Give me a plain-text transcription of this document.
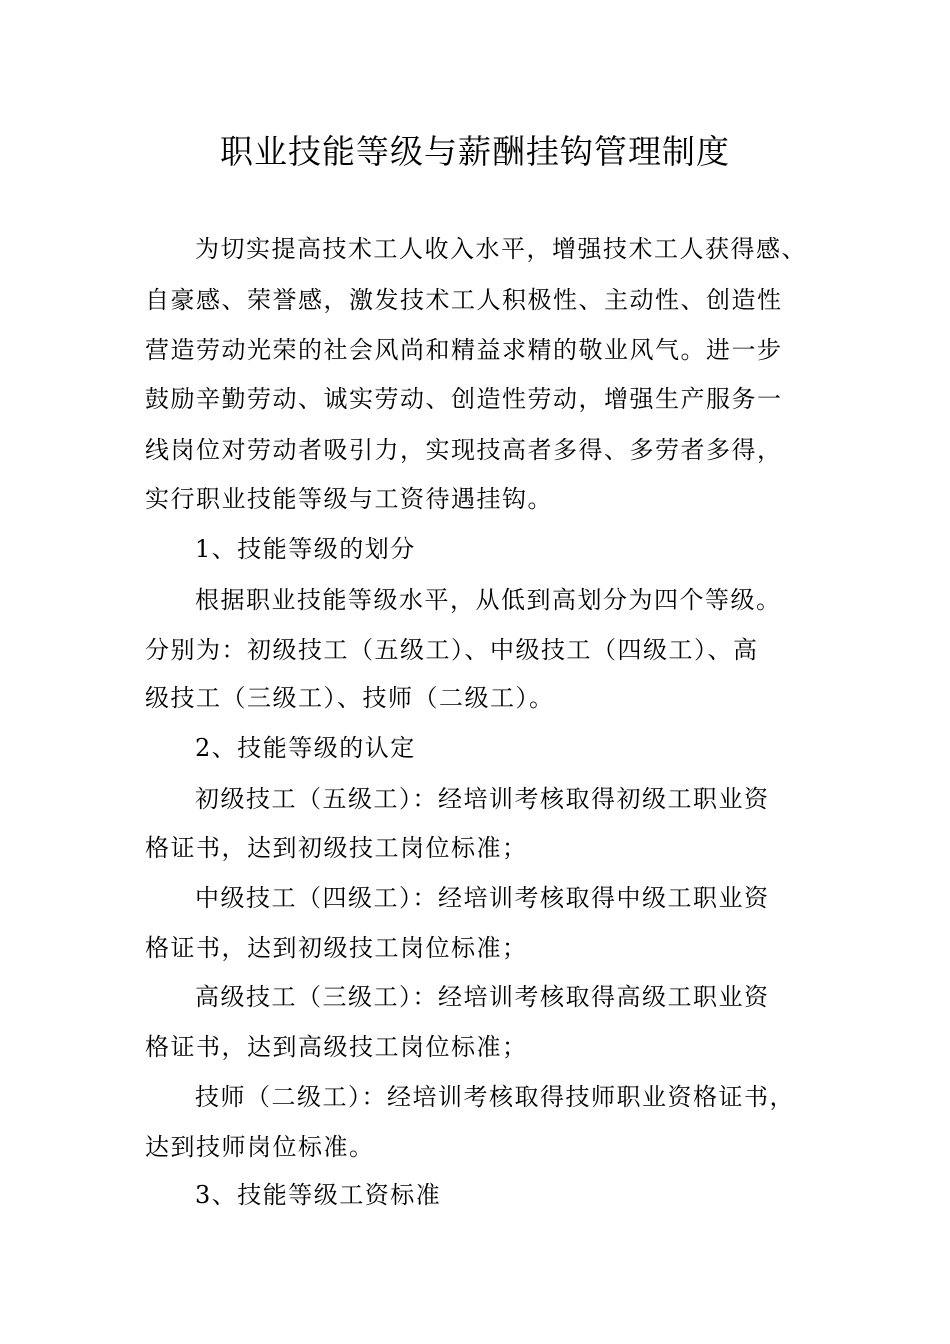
职业技能等级与薪酬挂钩管理制度
为切实提高技术工人收入水平，增强技术工人获得感、
自豪感、荣誉感，激发技术工人积极性、主动性、创造性
营造劳动光荣的社会风尚和精益求精的敬业风气。进一步
鼓励辛勤劳动、诚实劳动、创造性劳动，增强生产服务一
线岗位对劳动者吸引力，实现技高者多得、多劳者多得，
实行职业技能等级与工资待遇挂钩。
1、技能等级的划分
根据职业技能等级水平，从低到高划分为四个等级。
分别为：初级技工（五级工）、中级技工（四级工）、高
级技工（三级工）、技师（二级工）。
2、技能等级的认定
初级技工（五级工）：经培训考核取得初级工职业资
格证书，达到初级技工岗位标准；
中级技工（四级工）：经培训考核取得中级工职业资
格证书，达到初级技工岗位标准；
高级技工（三级工）：经培训考核取得高级工职业资
格证书，达到高级技工岗位标准；
技师（二级工）：经培训考核取得技师职业资格证书，
达到技师岗位标准。
3、技能等级工资标准
